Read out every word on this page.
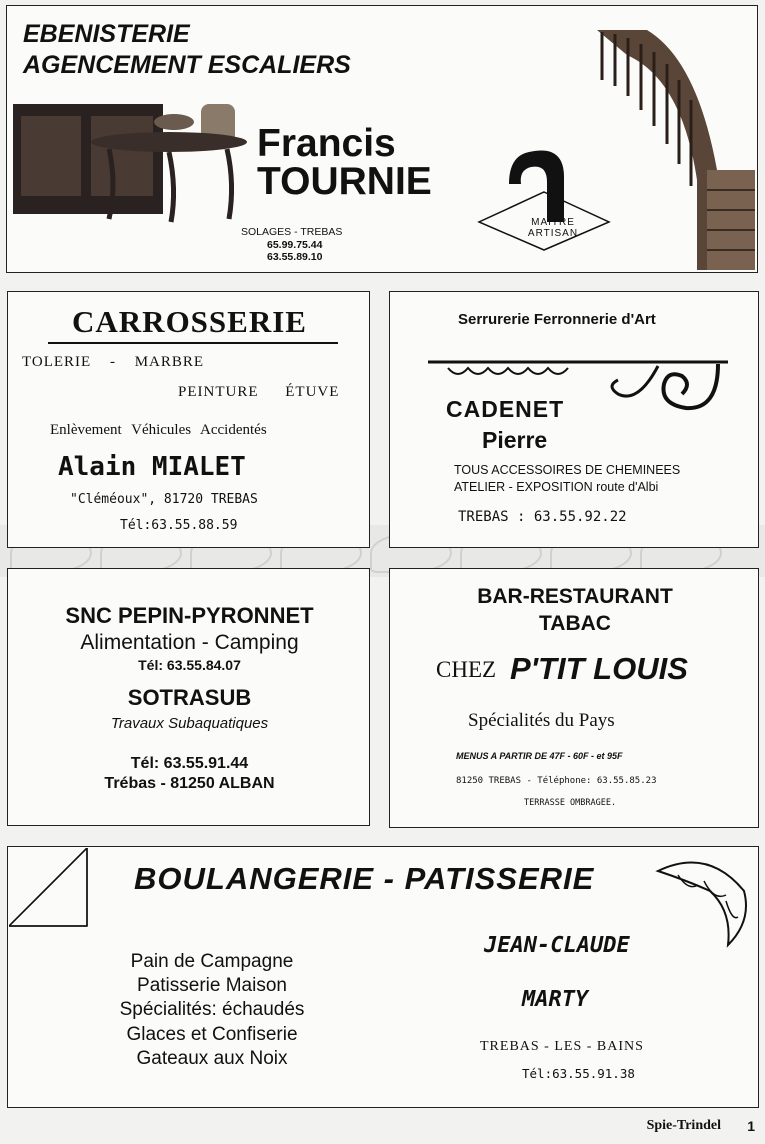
EBENISTERIE
AGENCEMENT ESCALIERS
Francis
TOURNIE
SOLAGES - TREBAS
65.99.75.44
63.55.89.10
MAITRE
ARTISAN
CARROSSERIE
TOLERIE - MARBRE
PEINTURE ÉTUVE
Enlèvement Véhicules Accidentés
Alain MIALET
"Cléméoux", 81720 TREBAS
Tél:63.55.88.59
Serrurerie Ferronnerie d'Art
CADENET
Pierre
TOUS ACCESSOIRES DE CHEMINEES
ATELIER - EXPOSITION route d'Albi
TREBAS : 63.55.92.22
SNC PEPIN-PYRONNET
Alimentation - Camping
Tél: 63.55.84.07
SOTRASUB
Travaux Subaquatiques
Tél: 63.55.91.44
Trébas - 81250 ALBAN
BAR-RESTAURANT
TABAC
CHEZ P'TIT LOUIS
Spécialités du Pays
MENUS A PARTIR DE 47F - 60F - et 95F
81250 TREBAS - Téléphone: 63.55.85.23
TERRASSE OMBRAGEE.
BOULANGERIE - PATISSERIE
Pain de Campagne
Patisserie Maison
Spécialités: échaudés
Glaces et Confiserie
Gateaux aux Noix
JEAN-CLAUDE
MARTY
TREBAS - LES - BAINS
Tél:63.55.91.38
Spie-Trindel 1
